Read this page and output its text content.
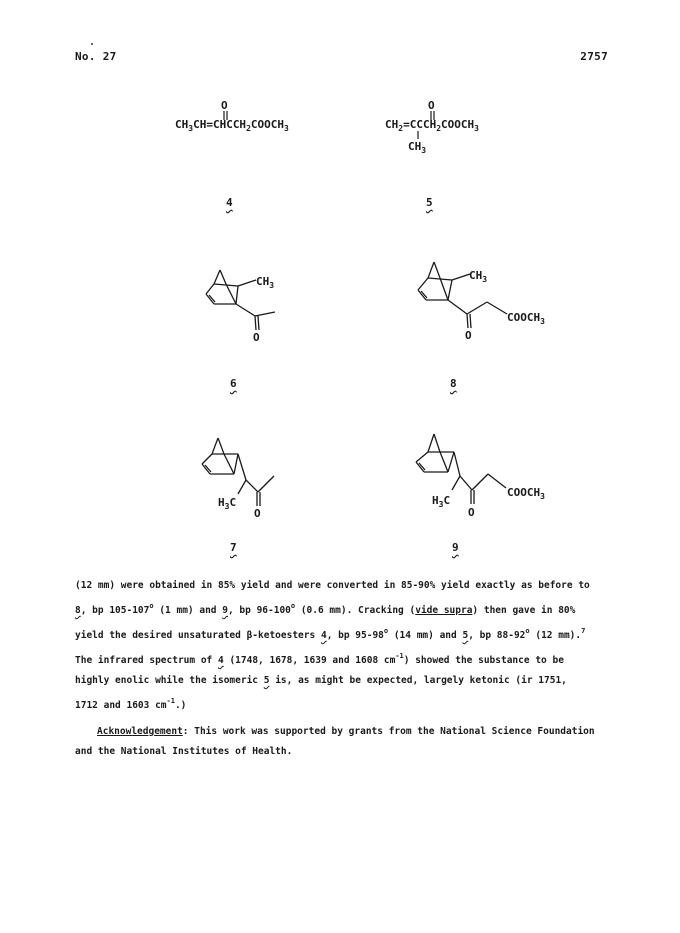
No. 27	2757
$CH_3CH=CHCCH_2COOCH_3$
O
4
$CH_2=CCCH_2COOCH_3$
O
$CH_3$
5
$CH_3$
O
6
$CH_3$
$COOCH_3$
O
8
$H_3C$
O
7
$H_3C$
$COOCH_3$
O
9
(12 mm) were obtained in 85% yield and were converted in 85-90% yield exactly as before to
8, bp 105-107$^o$ (1 mm) and 9, bp 96-100$^o$ (0.6 mm). Cracking (vide supra) then gave in 80%
yield the desired unsaturated β-ketoesters 4, bp 95-98$^o$ (14 mm) and 5, bp 88-92$^o$ (12 mm).$^7$
The infrared spectrum of 4 (1748, 1678, 1639 and 1608 $cm^{-1}$) showed the substance to be
highly enolic while the isomeric 5 is, as might be expected, largely ketonic (ir 1751,
1712 and 1603 $cm^{-1}$.)
Acknowledgement: This work was supported by grants from the National Science Foundation
and the National Institutes of Health.
